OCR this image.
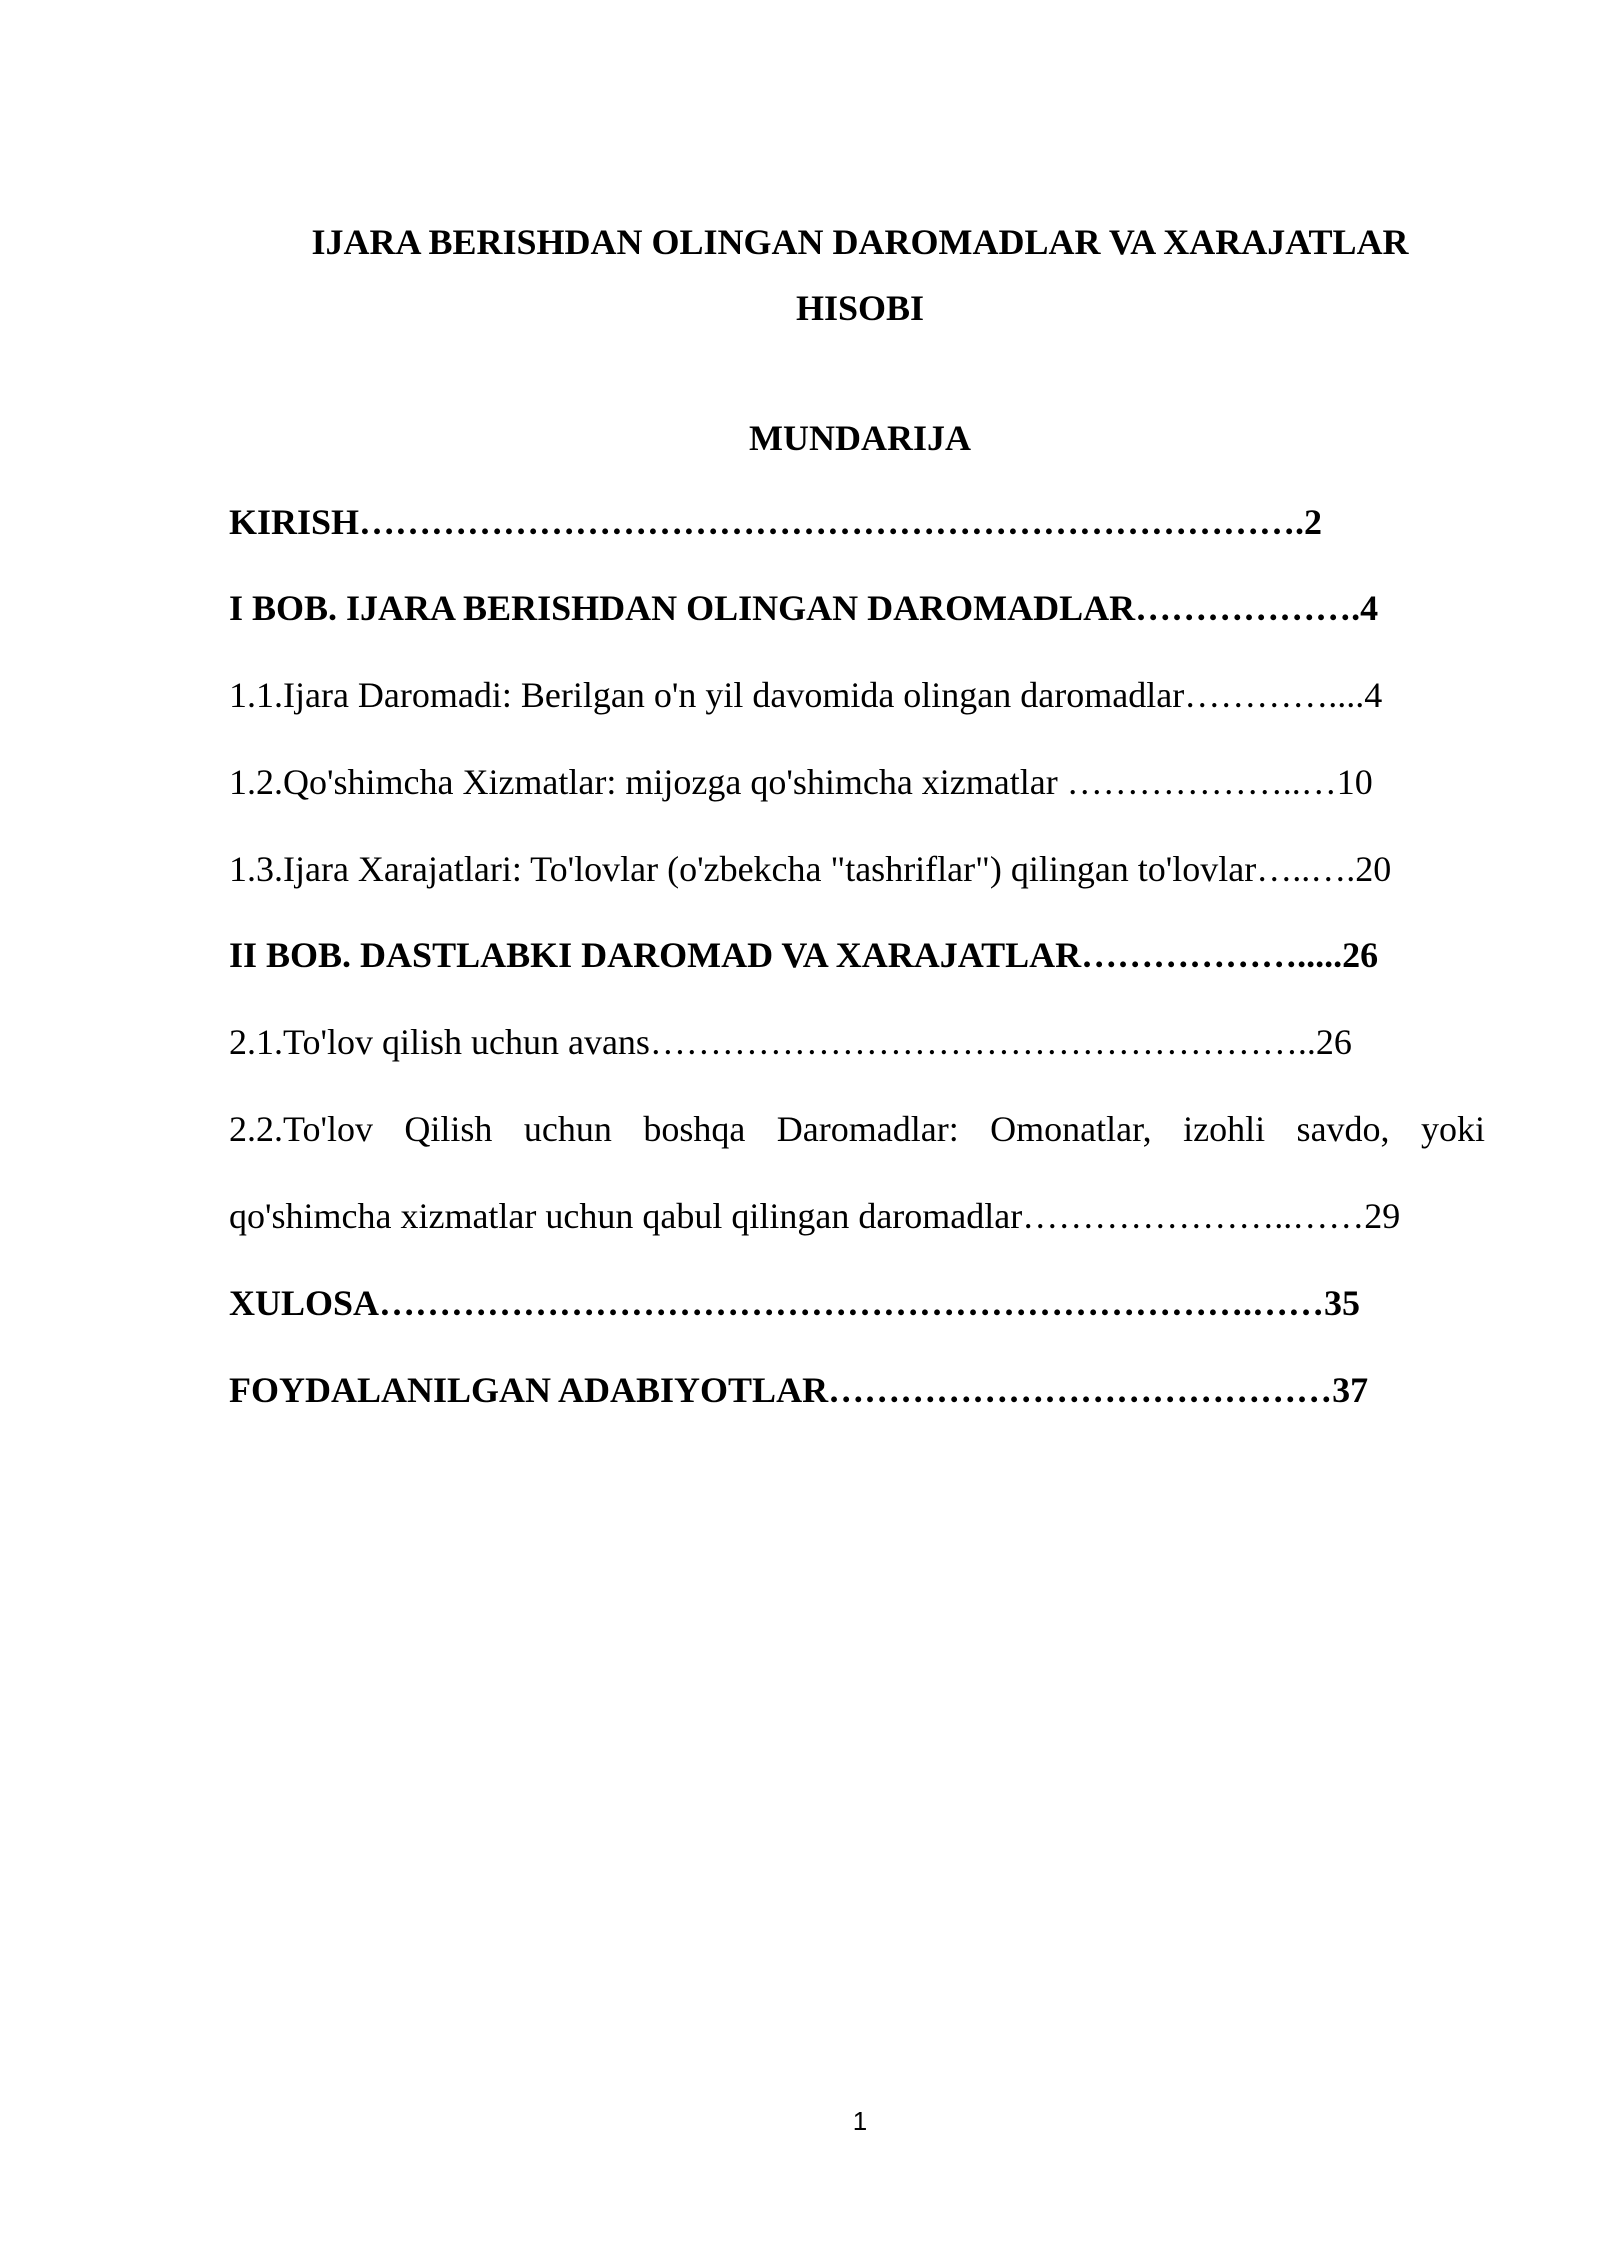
IJARA BERISHDAN OLINGAN DAROMADLAR VA XARAJATLAR
HISOBI
MUNDARIJA
KIRISH…………………………………………………………………….2
I BOB. IJARA BERISHDAN OLINGAN DAROMADLAR……………….4
1.1.Ijara Daromadi: Berilgan o'n yil davomida olingan daromadlar…………....4
1.2.Qo'shimcha Xizmatlar: mijozga qo'shimcha xizmatlar ………………..…10
1.3.Ijara Xarajatlari: To'lovlar (o'zbekcha "tashriflar") qilingan to'lovlar…..….20
II BOB. DASTLABKI DAROMAD VA XARAJATLAR……………….....26
2.1.To'lov qilish uchun avans………………………………………………..26
2.2.To'lov Qilish uchun boshqa Daromadlar: Omonatlar, izohli savdo, yoki
qo'shimcha xizmatlar uchun qabul qilingan daromadlar…………………..……29
XULOSA……………………………………………………………….……35
FOYDALANILGAN ADABIYOTLAR……………………………………37
1
